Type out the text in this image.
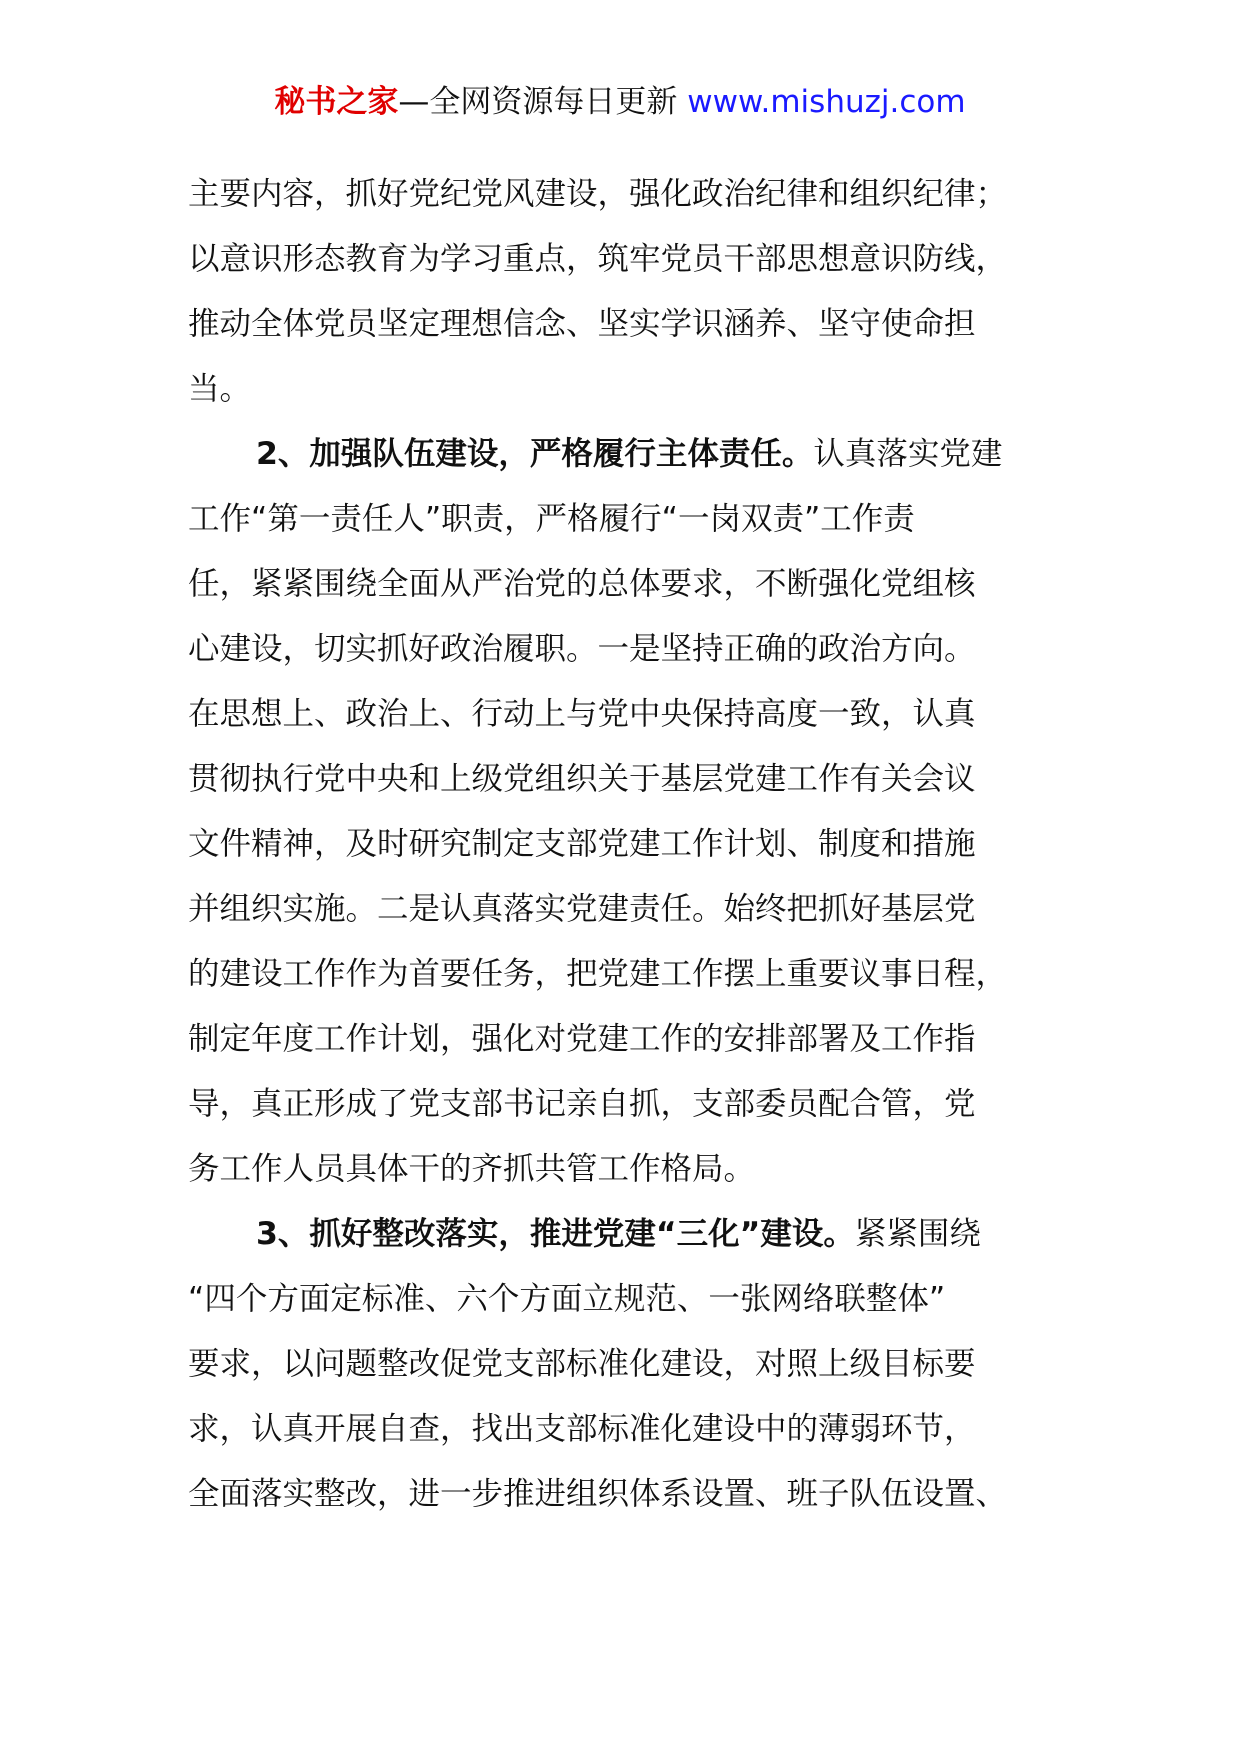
秘书之家—全网资源每日更新 www.mishuzj.com
主要内容，抓好党纪党风建设，强化政治纪律和组织纪律；
以意识形态教育为学习重点，筑牢党员干部思想意识防线，
推动全体党员坚定理想信念、坚实学识涵养、坚守使命担
当。
2、加强队伍建设，严格履行主体责任。认真落实党建
工作“第一责任人”职责，严格履行“一岗双责”工作责
任，紧紧围绕全面从严治党的总体要求，不断强化党组核
心建设，切实抓好政治履职。一是坚持正确的政治方向。
在思想上、政治上、行动上与党中央保持高度一致，认真
贯彻执行党中央和上级党组织关于基层党建工作有关会议
文件精神，及时研究制定支部党建工作计划、制度和措施
并组织实施。二是认真落实党建责任。始终把抓好基层党
的建设工作作为首要任务，把党建工作摆上重要议事日程，
制定年度工作计划，强化对党建工作的安排部署及工作指
导，真正形成了党支部书记亲自抓，支部委员配合管，党
务工作人员具体干的齐抓共管工作格局。
3、抓好整改落实，推进党建“三化”建设。紧紧围绕
“四个方面定标准、六个方面立规范、一张网络联整体”
要求，以问题整改促党支部标准化建设，对照上级目标要
求，认真开展自查，找出支部标准化建设中的薄弱环节，
全面落实整改，进一步推进组织体系设置、班子队伍设置、
